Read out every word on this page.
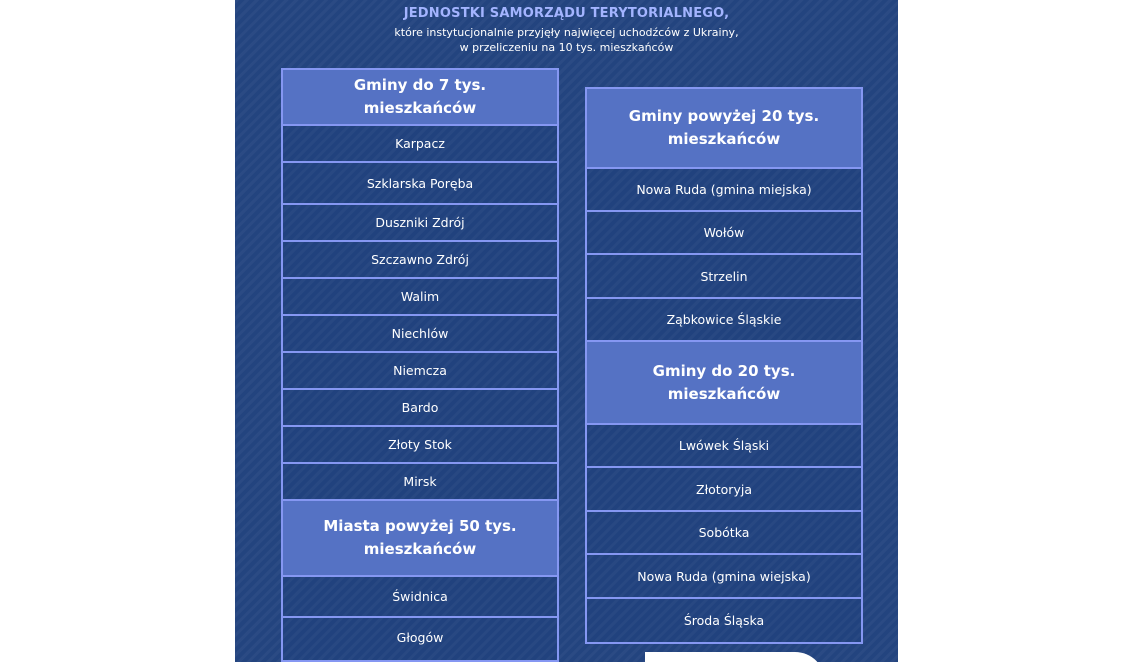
JEDNOSTKI SAMORZĄDU TERYTORIALNEGO,
które instytucjonalnie przyjęły najwięcej uchodźców z Ukrainy,
w przeliczeniu na 10 tys. mieszkańców
Gminy do 7 tys. mieszkańców
Karpacz
Szklarska Poręba
Duszniki Zdrój
Szczawno Zdrój
Walim
Niechlów
Niemcza
Bardo
Złoty Stok
Mirsk
Miasta powyżej 50 tys. mieszkańców
Świdnica
Głogów
Gminy powyżej 20 tys. mieszkańców
Nowa Ruda (gmina miejska)
Wołów
Strzelin
Ząbkowice Śląskie
Gminy do 20 tys. mieszkańców
Lwówek Śląski
Złotoryja
Sobótka
Nowa Ruda (gmina wiejska)
Środa Śląska
